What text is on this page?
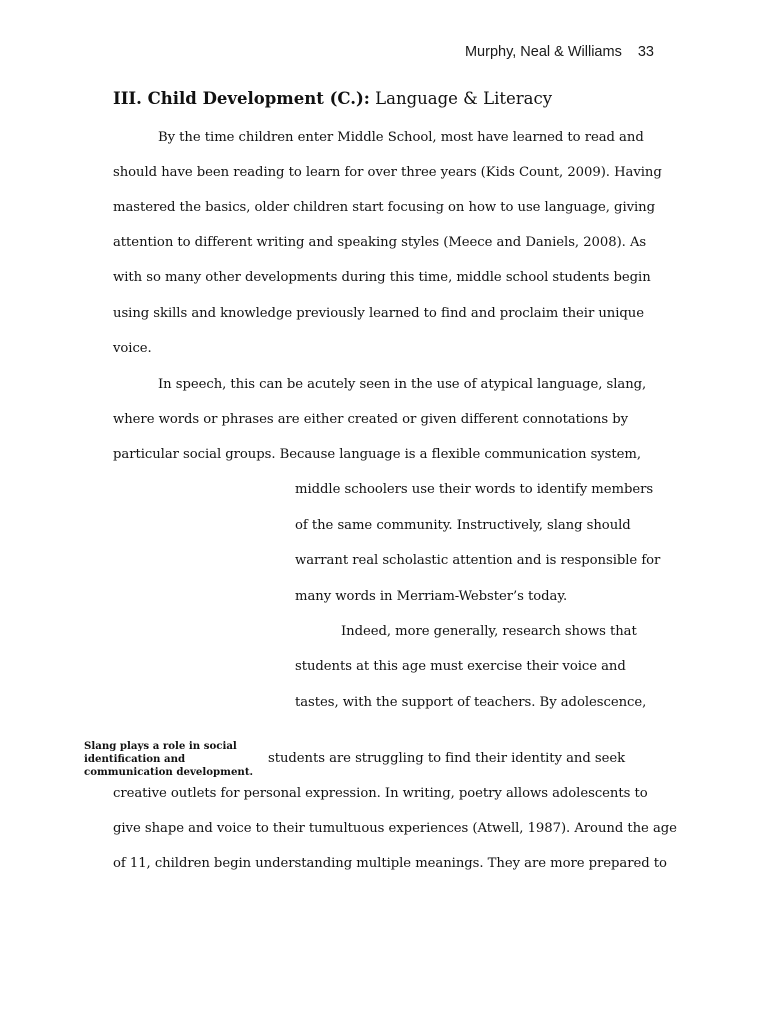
Murphy, Neal & Williams 33
III. Child Development (C.): Language & Literacy
By the time children enter Middle School, most have learned to read and
should have been reading to learn for over three years (Kids Count, 2009). Having
mastered the basics, older children start focusing on how to use language, giving
attention to different writing and speaking styles (Meece and Daniels, 2008). As
with so many other developments during this time, middle school students begin
using skills and knowledge previously learned to find and proclaim their unique
voice.
In speech, this can be acutely seen in the use of atypical language, slang,
where words or phrases are either created or given different connotations by
particular social groups. Because language is a flexible communication system,
middle schoolers use their words to identify members
of the same community. Instructively, slang should
warrant real scholastic attention and is responsible for
many words in Merriam-Webster’s today.
Indeed, more generally, research shows that
students at this age must exercise their voice and
tastes, with the support of teachers. By adolescence,
students are struggling to find their identity and seek
creative outlets for personal expression. In writing, poetry allows adolescents to
give shape and voice to their tumultuous experiences (Atwell, 1987). Around the age
of 11, children begin understanding multiple meanings. They are more prepared to
Slang plays a role in social
identification and
communication development.
